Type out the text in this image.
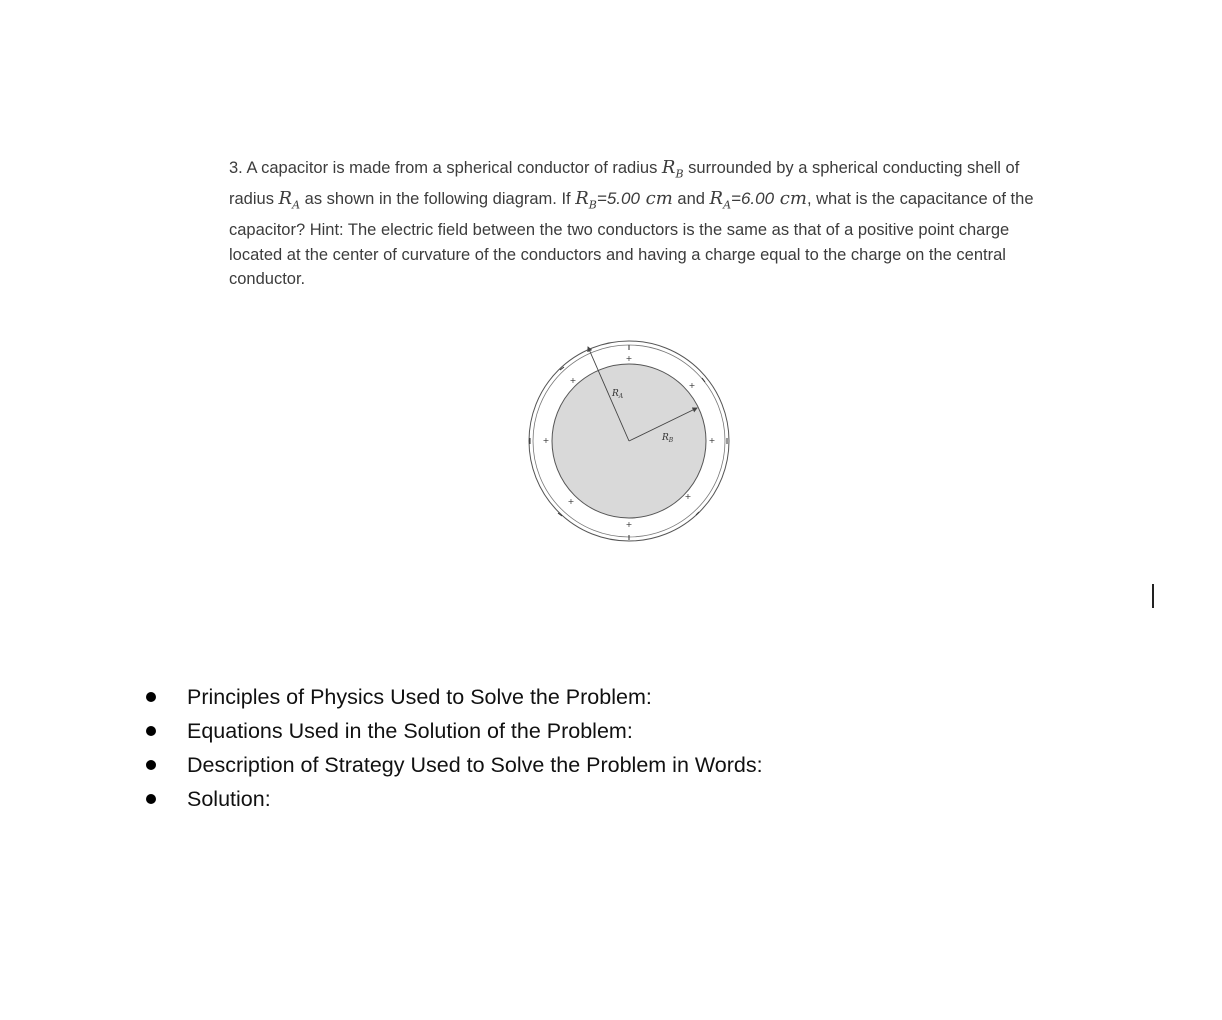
3. A capacitor is made from a spherical conductor of radius $R_B$ surrounded by a spherical conducting shell of radius $R_A$ as shown in the following diagram. If $R_B=5.00$ cm and $R_A=6.00$ cm, what is the capacitance of the capacitor? Hint: The electric field between the two conductors is the same as that of a positive point charge located at the center of curvature of the conductors and having a charge equal to the charge on the central conductor.
$R_A$
$R_B$
+
+
+
+	+
+
+
+
Principles of Physics Used to Solve the Problem:
Equations Used in the Solution of the Problem:
Description of Strategy Used to Solve the Problem in Words:
Solution:
